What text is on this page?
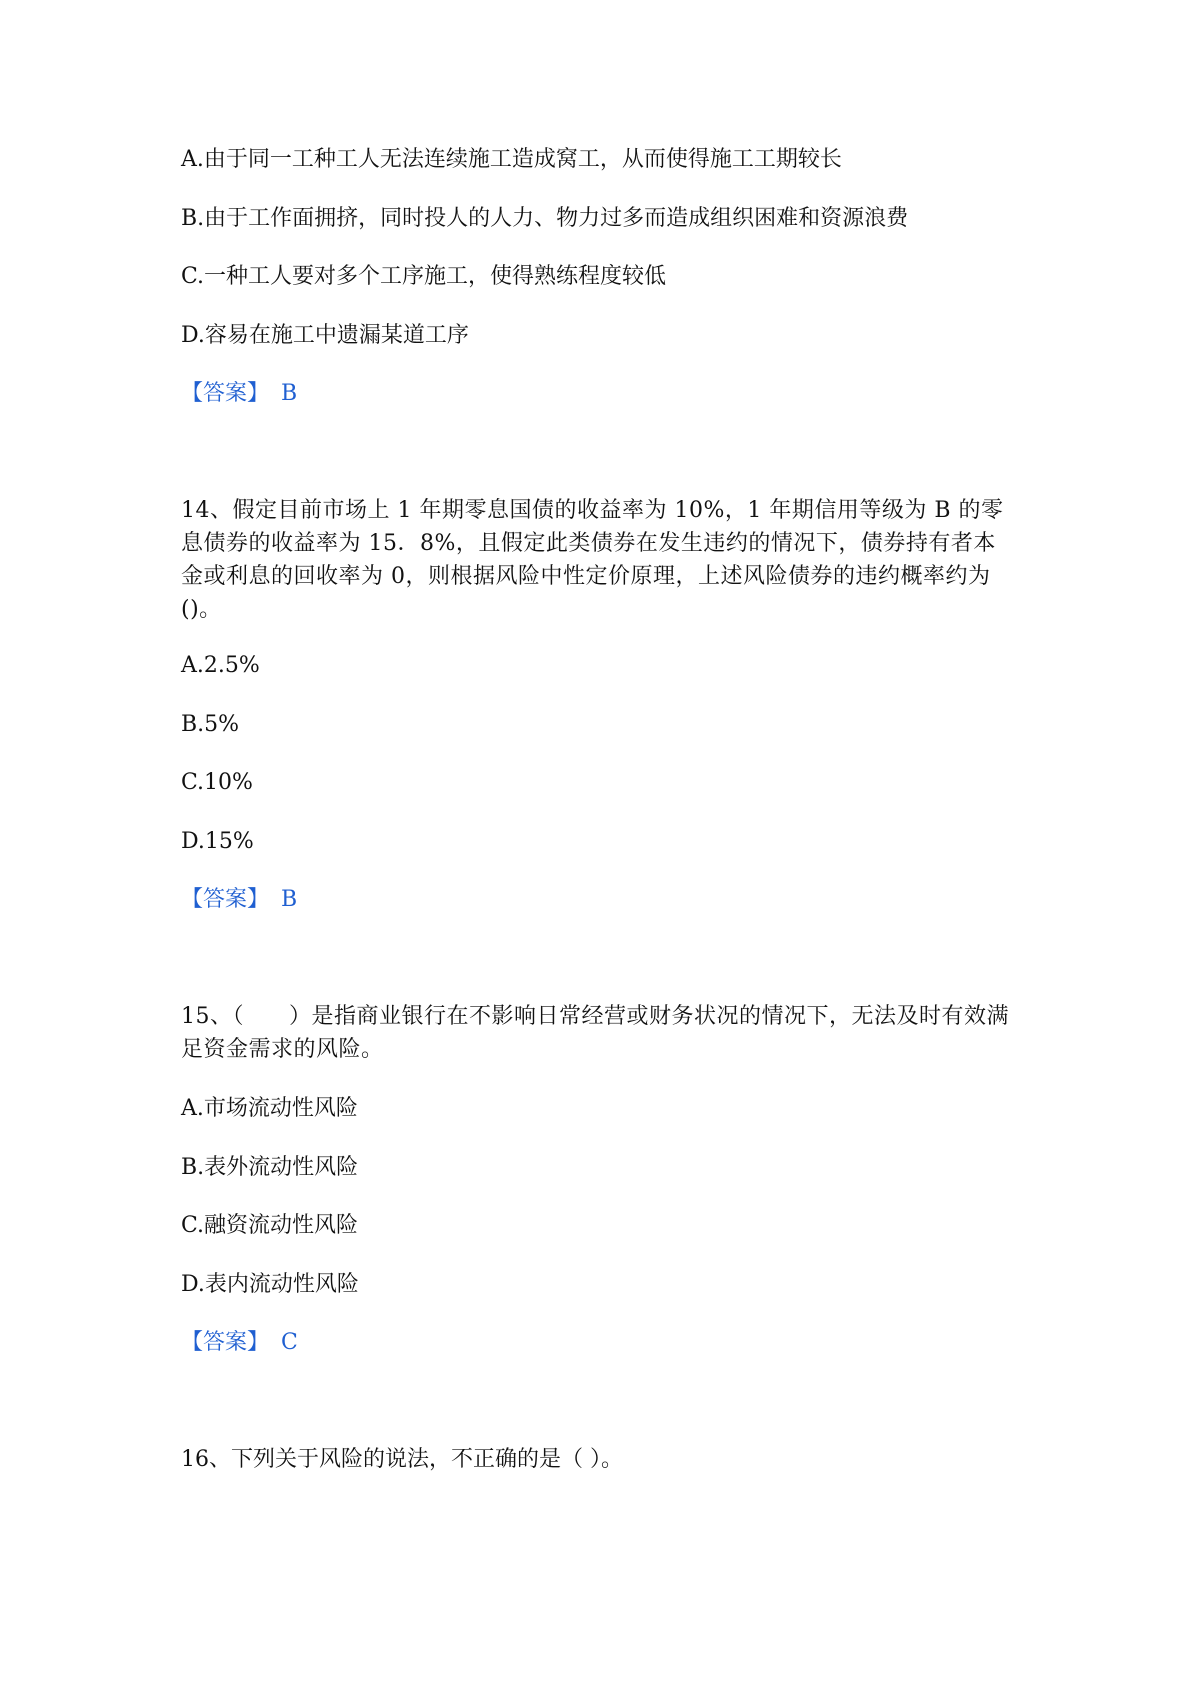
A.由于同一工种工人无法连续施工造成窝工，从而使得施工工期较长
B.由于工作面拥挤，同时投人的人力、物力过多而造成组织困难和资源浪费
C.一种工人要对多个工序施工，使得熟练程度较低
D.容易在施工中遗漏某道工序
【答案】 B
14、假定目前市场上 1 年期零息国债的收益率为 10%，1 年期信用等级为 B 的零息债券的收益率为 15．8%，且假定此类债券在发生违约的情况下，债券持有者本金或利息的回收率为 0，则根据风险中性定价原理，上述风险债券的违约概率约为()。
A.2.5%
B.5%
C.10%
D.15%
【答案】 B
15、（　　）是指商业银行在不影响日常经营或财务状况的情况下，无法及时有效满足资金需求的风险。
A.市场流动性风险
B.表外流动性风险
C.融资流动性风险
D.表内流动性风险
【答案】 C
16、下列关于风险的说法，不正确的是（ ）。
